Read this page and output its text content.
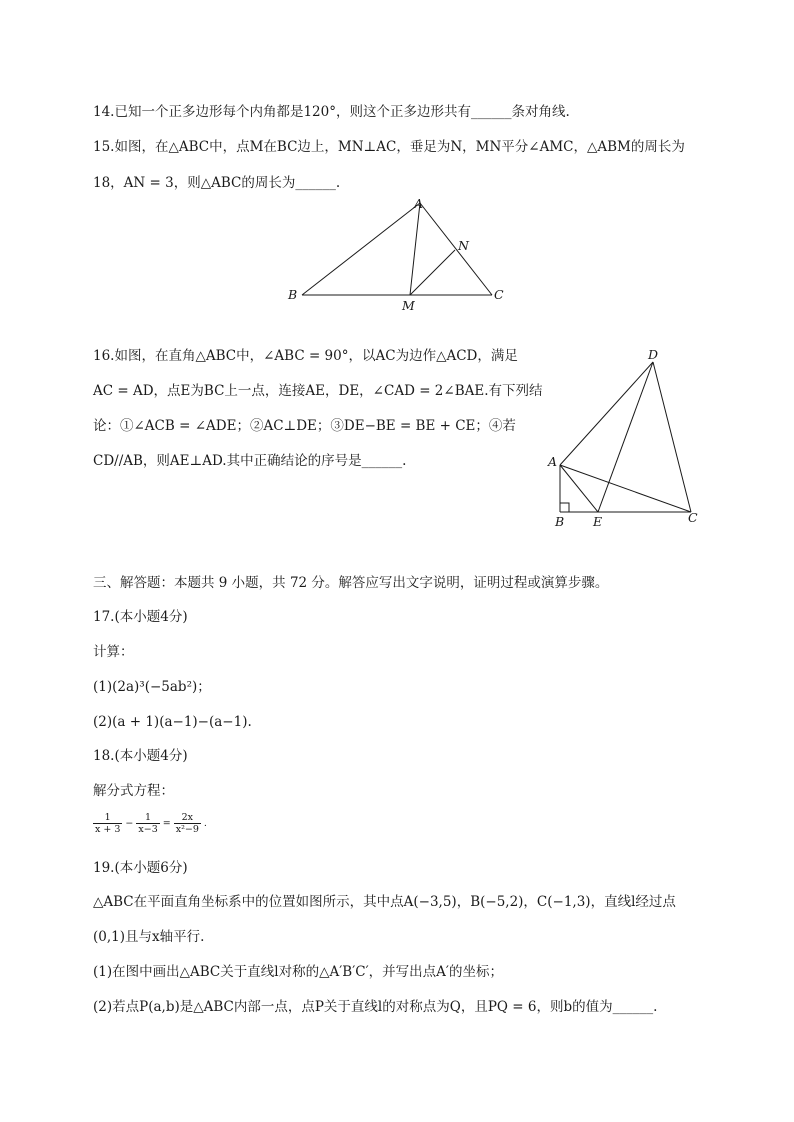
14.已知一个正多边形每个内角都是120°，则这个正多边形共有______条对角线.
15.如图，在△ABC中，点M在BC边上，MN⊥AC，垂足为N，MN平分∠AMC，△ABM的周长为
18，AN = 3，则△ABC的周长为______.
A
B	C
M
N
16.如图，在直角△ABC中，∠ABC = 90°，以AC为边作△ACD，满足
AC = AD，点E为BC上一点，连接AE，DE，∠CAD = 2∠BAE.有下列结
论：①∠ACB = ∠ADE；②AC⊥DE；③DE−BE = BE + CE；④若
CD//AB，则AE⊥AD.其中正确结论的序号是______.	A
B	C
D
E
三、解答题：本题共 9 小题，共 72 分。解答应写出文字说明，证明过程或演算步骤。
17.(本小题4分)
计算：
(1)(2a)³(−5ab²)；
(2)(a + 1)(a−1)−(a−1).
18.(本小题4分)
解分式方程：
$\frac{1}{x + 3} - \frac{1}{x-3} = \frac{2x}{\text{x²−9}}$ .
19.(本小题6分)
△ABC在平面直角坐标系中的位置如图所示，其中点A(−3,5)，B(−5,2)，C(−1,3)，直线l经过点
(0,1)且与x轴平行.
(1)在图中画出△ABC关于直线l对称的△A′B′C′，并写出点A′的坐标；
(2)若点P(a,b)是△ABC内部一点，点P关于直线l的对称点为Q，且PQ = 6，则b的值为______.
